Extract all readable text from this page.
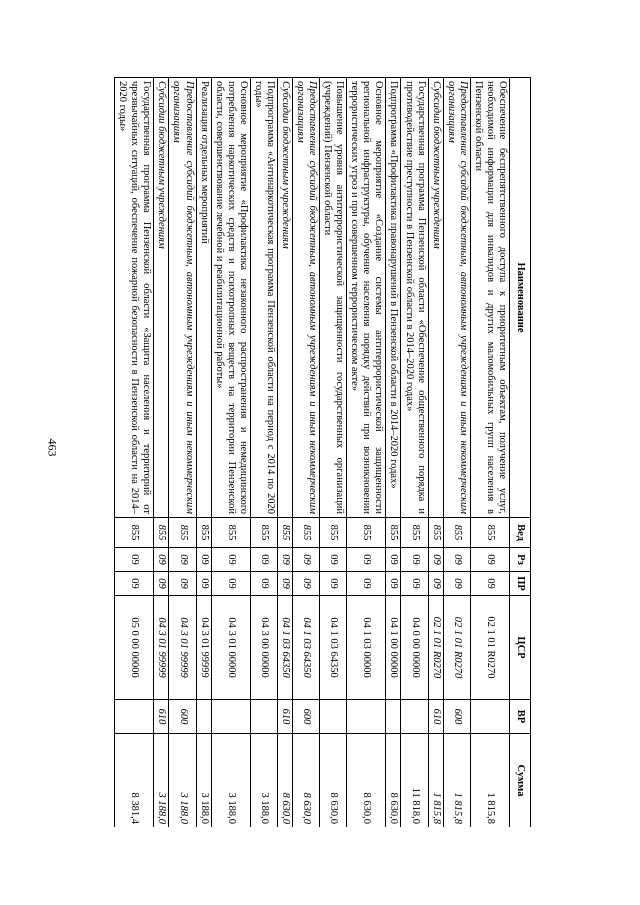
463
Наименование	Вед	Рз	ПР	ЦСР	ВР	Сумма
Обеспечение беспрепятственного доступа к приоритетным объектам, получение услуг, необходимой информации для инвалидов и других маломобильных групп населения в Пензенской области	855	09	09	02 1 01 R0270		1 815,8
Предоставление субсидий бюджетным, автономным учреждениям и иным некоммерческим организациям	855	09	09	02 1 01 R0270	600	1 815,8
Субсидии бюджетным учреждениям	855	09	09	02 1 01 R0270	610	1 815,8
Государственная программа Пензенской области «Обеспечение общественного порядка и противодействие преступности в Пензенской области в 2014–2020 годах»	855	09	09	04 0 00 00000		11 818,0
Подпрограмма «Профилактика правонарушений в Пензенской области в 2014–2020 годах»	855	09	09	04 1 00 00000		8 630,0
Основное мероприятие «Создание системы антитеррористической защищенности региональной инфраструктуры, обучение населения порядку действий при возникновении террористических угроз и при совершенном террористическом акте»	855	09	09	04 1 03 00000		8 630,0
Повышение уровня антитеррористической защищенности государственных организаций (учреждений) Пензенской области	855	09	09	04 1 03 64350		8 630,0
Предоставление субсидий бюджетным, автономным учреждениям и иным некоммерческим организациям	855	09	09	04 1 03 64350	600	8 630,0
Субсидии бюджетным учреждениям	855	09	09	04 1 03 64350	610	8 630,0
Подпрограмма «Антинаркотическая программа Пензенской области на период с 2014 по 2020 годы»	855	09	09	04 3 00 00000		3 188,0
Основное мероприятие «Профилактика незаконного распространения и немедицинского потребления наркотических средств и психотропных веществ на территории Пензенской области, совершенствование лечебной и реабилитационной работы»	855	09	09	04 3 01 00000		3 188,0
Реализация отдельных мероприятий	855	09	09	04 3 01 99999		3 188,0
Предоставление субсидий бюджетным, автономным учреждениям и иным некоммерческим организациям	855	09	09	04 3 01 99999	600	3 188,0
Субсидии бюджетным учреждениям	855	09	09	04 3 01 99999	610	3 188,0
Государственная программа Пензенской области «Защита населения и территорий от чрезвычайных ситуаций, обеспечение пожарной безопасности в Пензенской области на 2014–2020 годы»	855	09	09	05 0 00 00000		8 381,4
